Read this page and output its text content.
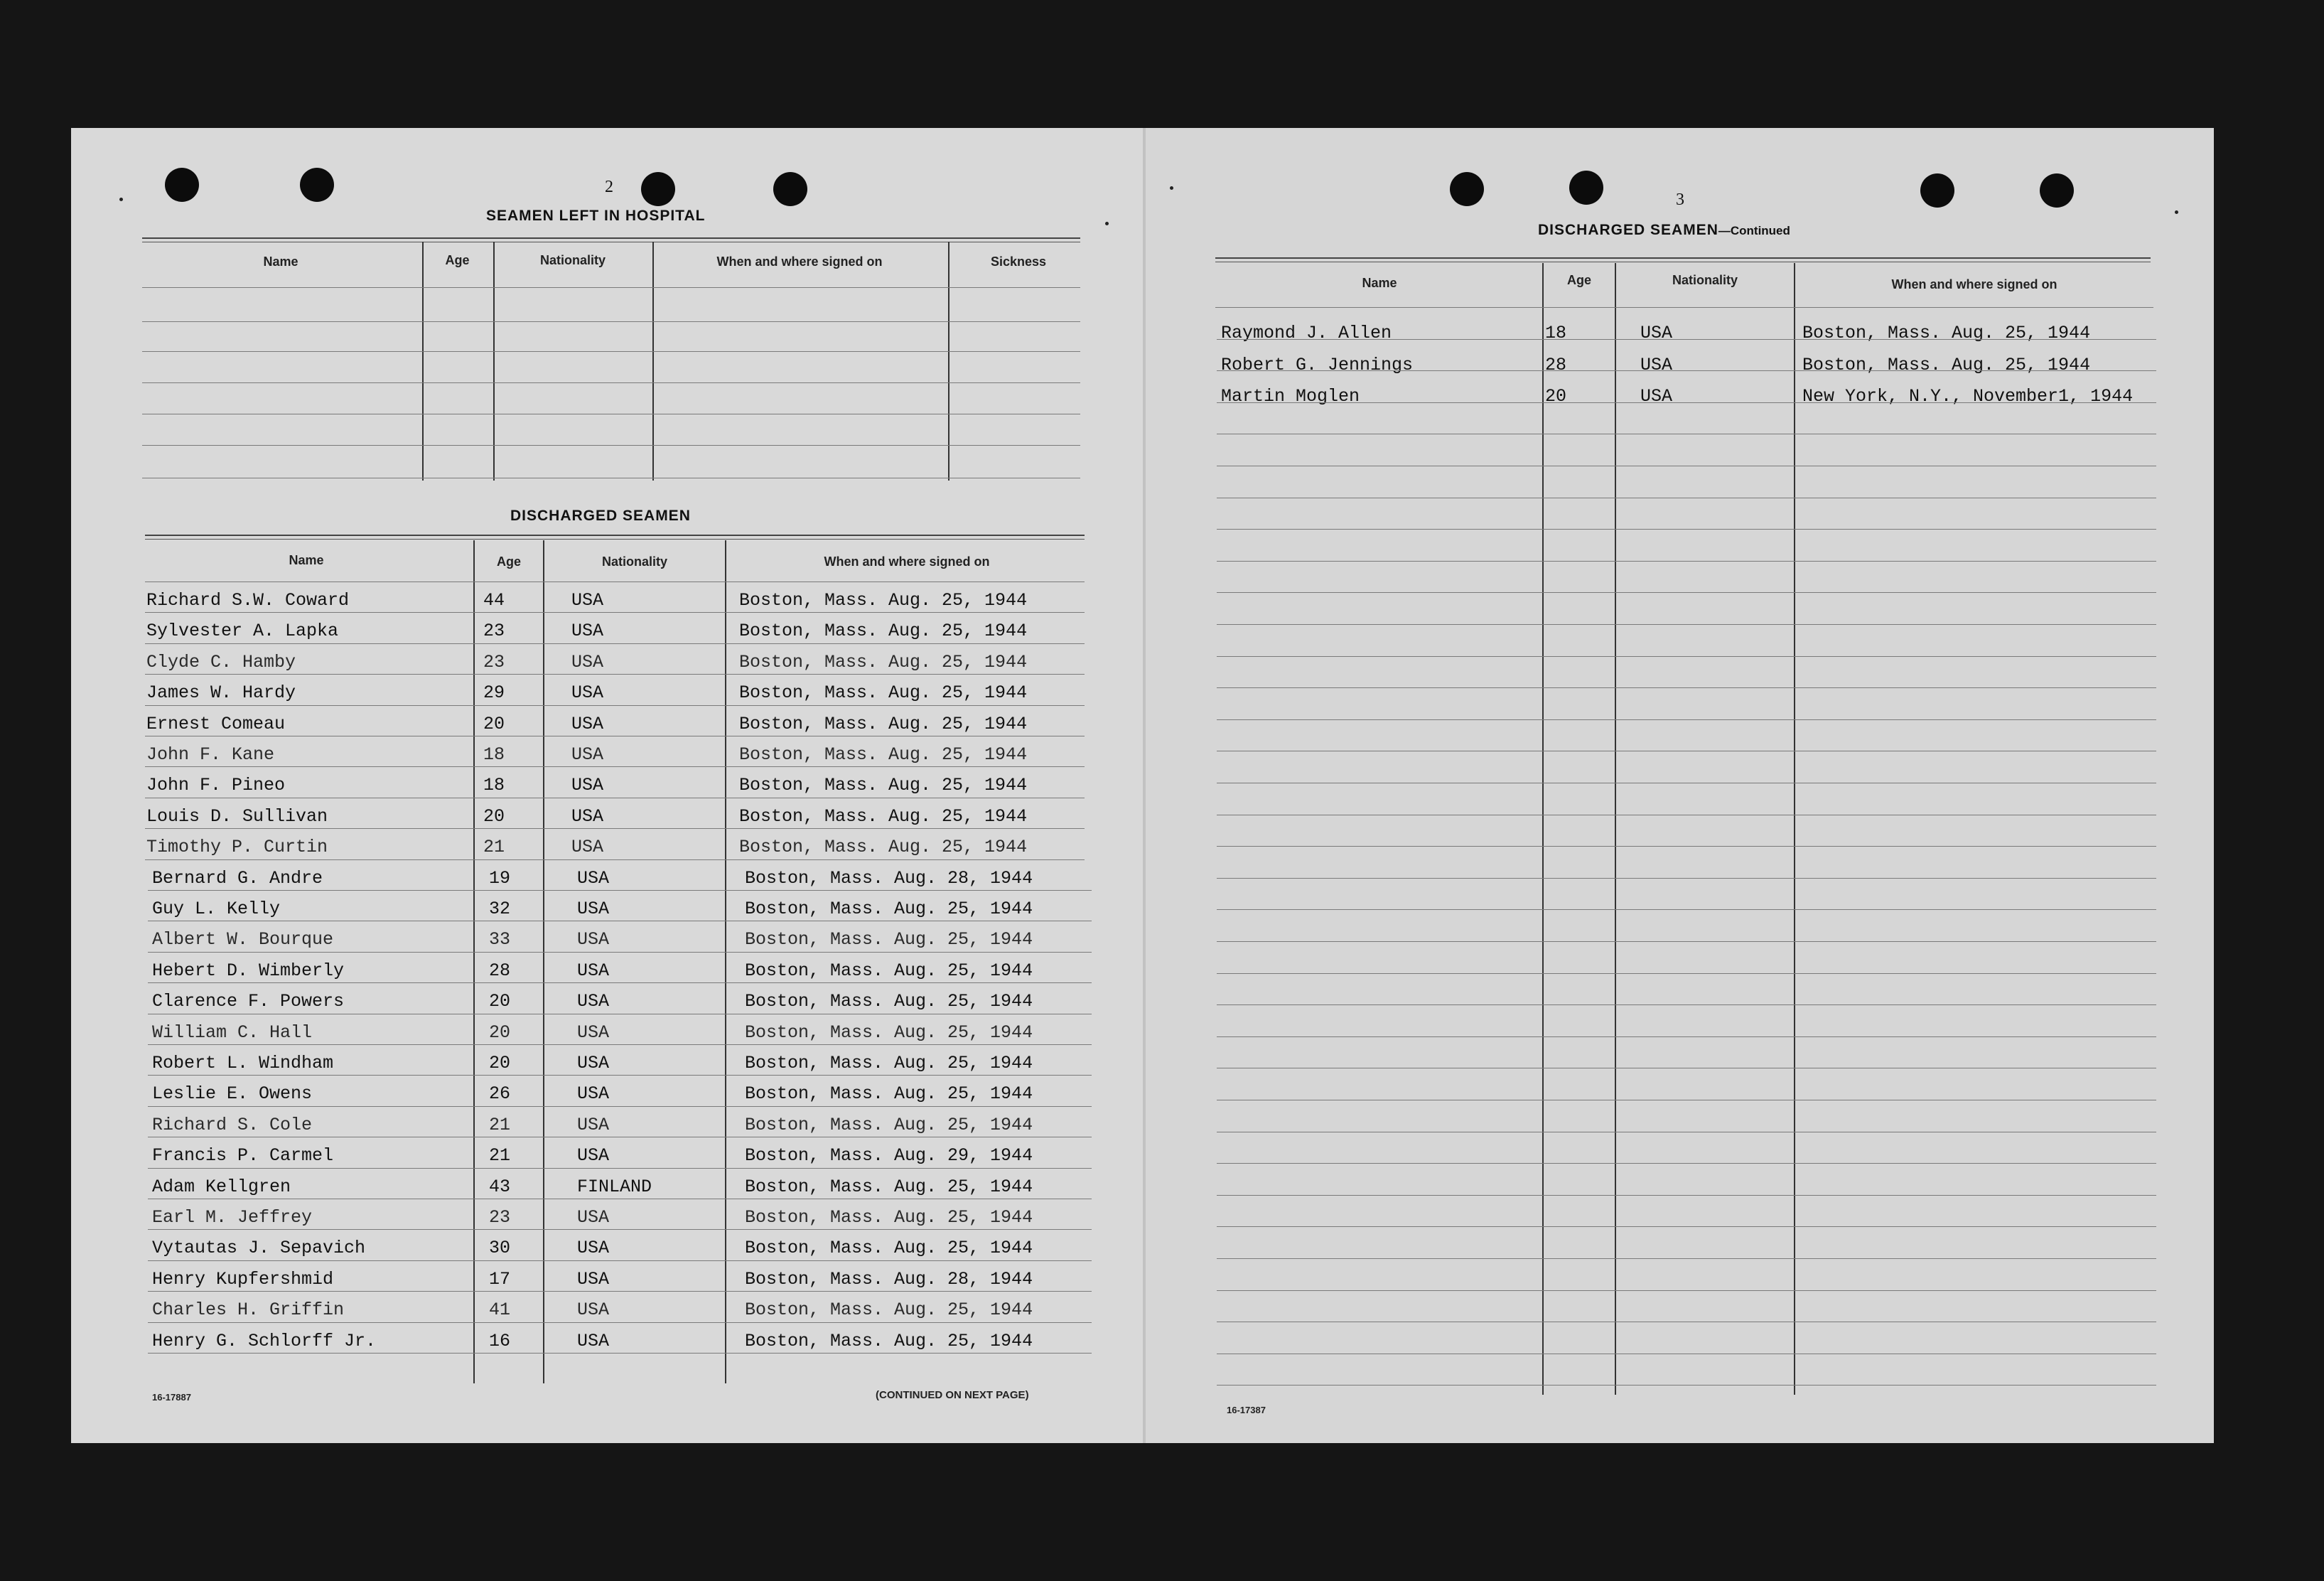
2
SEAMEN LEFT IN HOSPITAL
Name	Age	Nationality	When and where signed on	Sickness
DISCHARGED SEAMEN
Name	Age	Nationality	When and where signed on
Richard S.W. Coward	44	USA	Boston, Mass. Aug. 25, 1944
Sylvester A. Lapka	23	USA	Boston, Mass. Aug. 25, 1944
Clyde C. Hamby	23	USA	Boston, Mass. Aug. 25, 1944
James W. Hardy	29	USA	Boston, Mass. Aug. 25, 1944
Ernest Comeau	20	USA	Boston, Mass. Aug. 25, 1944
John F. Kane	18	USA	Boston, Mass. Aug. 25, 1944
John F. Pineo	18	USA	Boston, Mass. Aug. 25, 1944
Louis D. Sullivan	20	USA	Boston, Mass. Aug. 25, 1944
Timothy P. Curtin	21	USA	Boston, Mass. Aug. 25, 1944
Bernard G. Andre	19	USA	Boston, Mass. Aug. 28, 1944
Guy L. Kelly	32	USA	Boston, Mass. Aug. 25, 1944
Albert W. Bourque	33	USA	Boston, Mass. Aug. 25, 1944
Hebert D. Wimberly	28	USA	Boston, Mass. Aug. 25, 1944
Clarence F. Powers	20	USA	Boston, Mass. Aug. 25, 1944
William C. Hall	20	USA	Boston, Mass. Aug. 25, 1944
Robert L. Windham	20	USA	Boston, Mass. Aug. 25, 1944
Leslie E. Owens	26	USA	Boston, Mass. Aug. 25, 1944
Richard S. Cole	21	USA	Boston, Mass. Aug. 25, 1944
Francis P. Carmel	21	USA	Boston, Mass. Aug. 29, 1944
Adam Kellgren	43	FINLAND	Boston, Mass. Aug. 25, 1944
Earl M. Jeffrey	23	USA	Boston, Mass. Aug. 25, 1944
Vytautas J. Sepavich	30	USA	Boston, Mass. Aug. 25, 1944
Henry Kupfershmid	17	USA	Boston, Mass. Aug. 28, 1944
Charles H. Griffin	41	USA	Boston, Mass. Aug. 25, 1944
Henry G. Schlorff Jr.	16	USA	Boston, Mass. Aug. 25, 1944
16-17887	(CONTINUED ON NEXT PAGE)
3
DISCHARGED SEAMEN—Continued
Name	Age	Nationality	When and where signed on
Raymond J. Allen	18	USA	Boston, Mass. Aug. 25, 1944
Robert G. Jennings	28	USA	Boston, Mass. Aug. 25, 1944
Martin Moglen	20	USA	New York, N.Y., November1, 1944
16-17387
